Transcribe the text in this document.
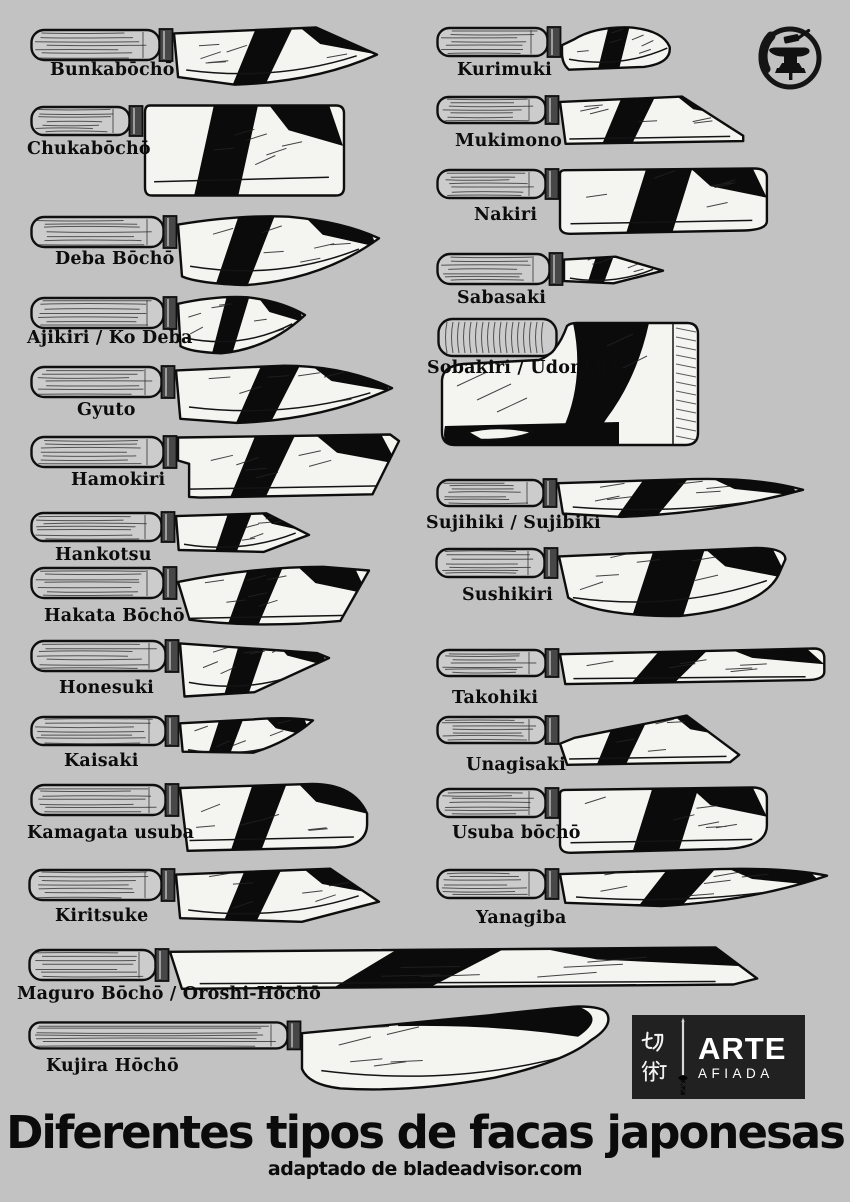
Bunkabōchō
Chukabōchō
Deba Bōchō
Ajikiri / Ko Deba
Gyuto
Hamokiri
Hankotsu
Hakata Bōchō
Honesuki
Kaisaki
Kamagata usuba
Kiritsuke
Kurimuki
Mukimono
Nakiri
Sabasaki
Sobakiri / Udonkiri
Sujihiki / Sujibiki
Sushikiri
Takohiki
Unagisaki
Usuba bōchō
Yanagiba
Maguro Bōchō / Oroshi-Hōchō
Kujira Hōchō
ARTE
AFIADA
Diferentes tipos de facas japonesas
adaptado de bladeadvisor.com
